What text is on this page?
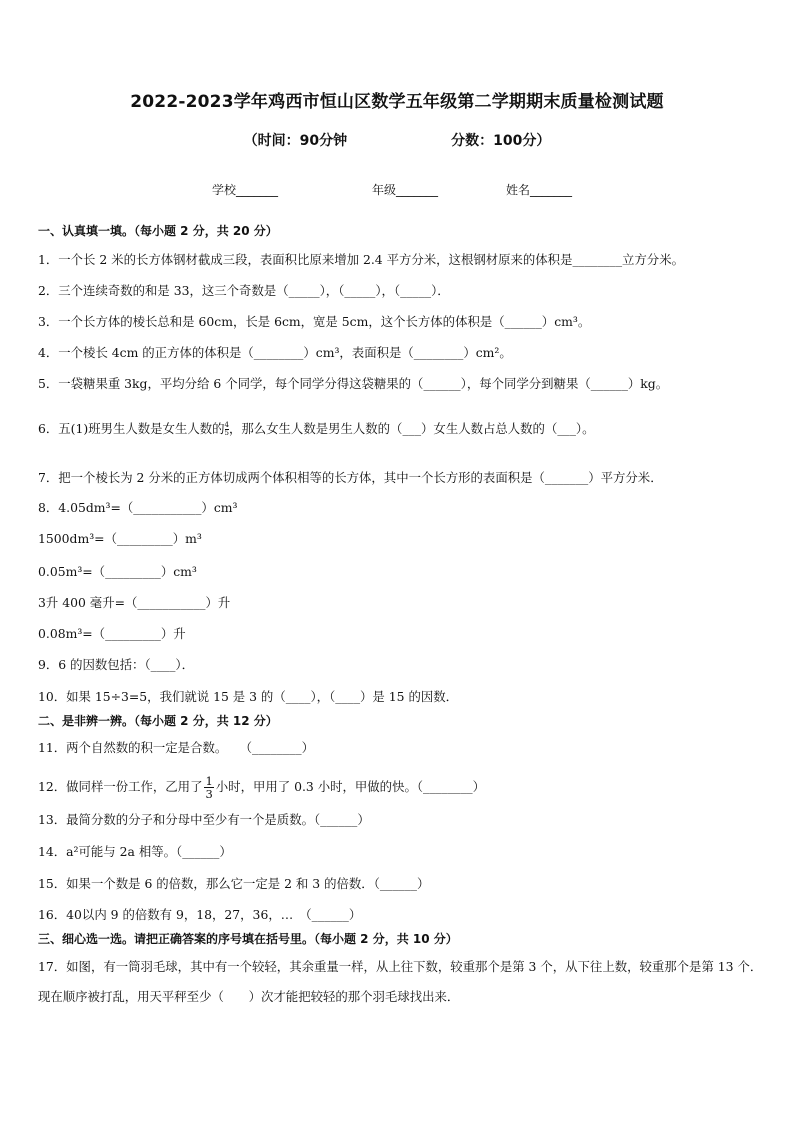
2022-2023学年鸡西市恒山区数学五年级第二学期期末质量检测试题
（时间：90分钟	分数：100分）
学校_______	年级_______	姓名_______
一、认真填一填。（每小题 2 分，共 20 分）
1．一个长 2 米的长方体钢材截成三段，表面积比原来增加 2.4 平方分米，这根钢材原来的体积是________立方分米。
2．三个连续奇数的和是 33，这三个奇数是（_____），（_____），（_____）．
3．一个长方体的棱长总和是 60cm，长是 6cm，宽是 5cm，这个长方体的体积是（______）cm³。
4．一个棱长 4cm 的正方体的体积是（________）cm³，表面积是（________）cm²。
5．一袋糖果重 3kg，平均分给 6 个同学，每个同学分得这袋糖果的（______），每个同学分到糖果（______）kg。
6．五(1)班男生人数是女生人数的 $\frac{4}{5}$ ，那么女生人数是男生人数的（___）女生人数占总人数的（___）。
7．把一个棱长为 2 分米的正方体切成两个体积相等的长方体，其中一个长方形的表面积是（_______）平方分米．
8．4.05dm³=（___________）cm³
1500dm³=（_________）m³
0.05m³=（_________）cm³
3升 400 毫升=（___________）升
0.08m³=（_________）升
9．6 的因数包括：（____）．
10．如果 15÷3=5，我们就说 15 是 3 的（____），（____）是 15 的因数．
二、是非辨一辨。（每小题 2 分，共 12 分）
11．两个自然数的积一定是合数。　　（________）
12．做同样一份工作，乙用了 $\frac{1}{3}$ 小时，甲用了 0.3 小时，甲做的快。（________）
13．最简分数的分子和分母中至少有一个是质数。（______）
14．a²可能与 2a 相等。（______）
15．如果一个数是 6 的倍数，那么它一定是 2 和 3 的倍数．（______）
16．40以内 9 的倍数有 9，18，27，36，…　（______）
三、细心选一选。请把正确答案的序号填在括号里。（每小题 2 分，共 10 分）
17．如图，有一筒羽毛球，其中有一个较轻，其余重量一样，从上往下数，较重那个是第 3 个，从下往上数，较重那个是第 13 个．现在顺序被打乱，用天平秤至少（　　）次才能把较轻的那个羽毛球找出来．
